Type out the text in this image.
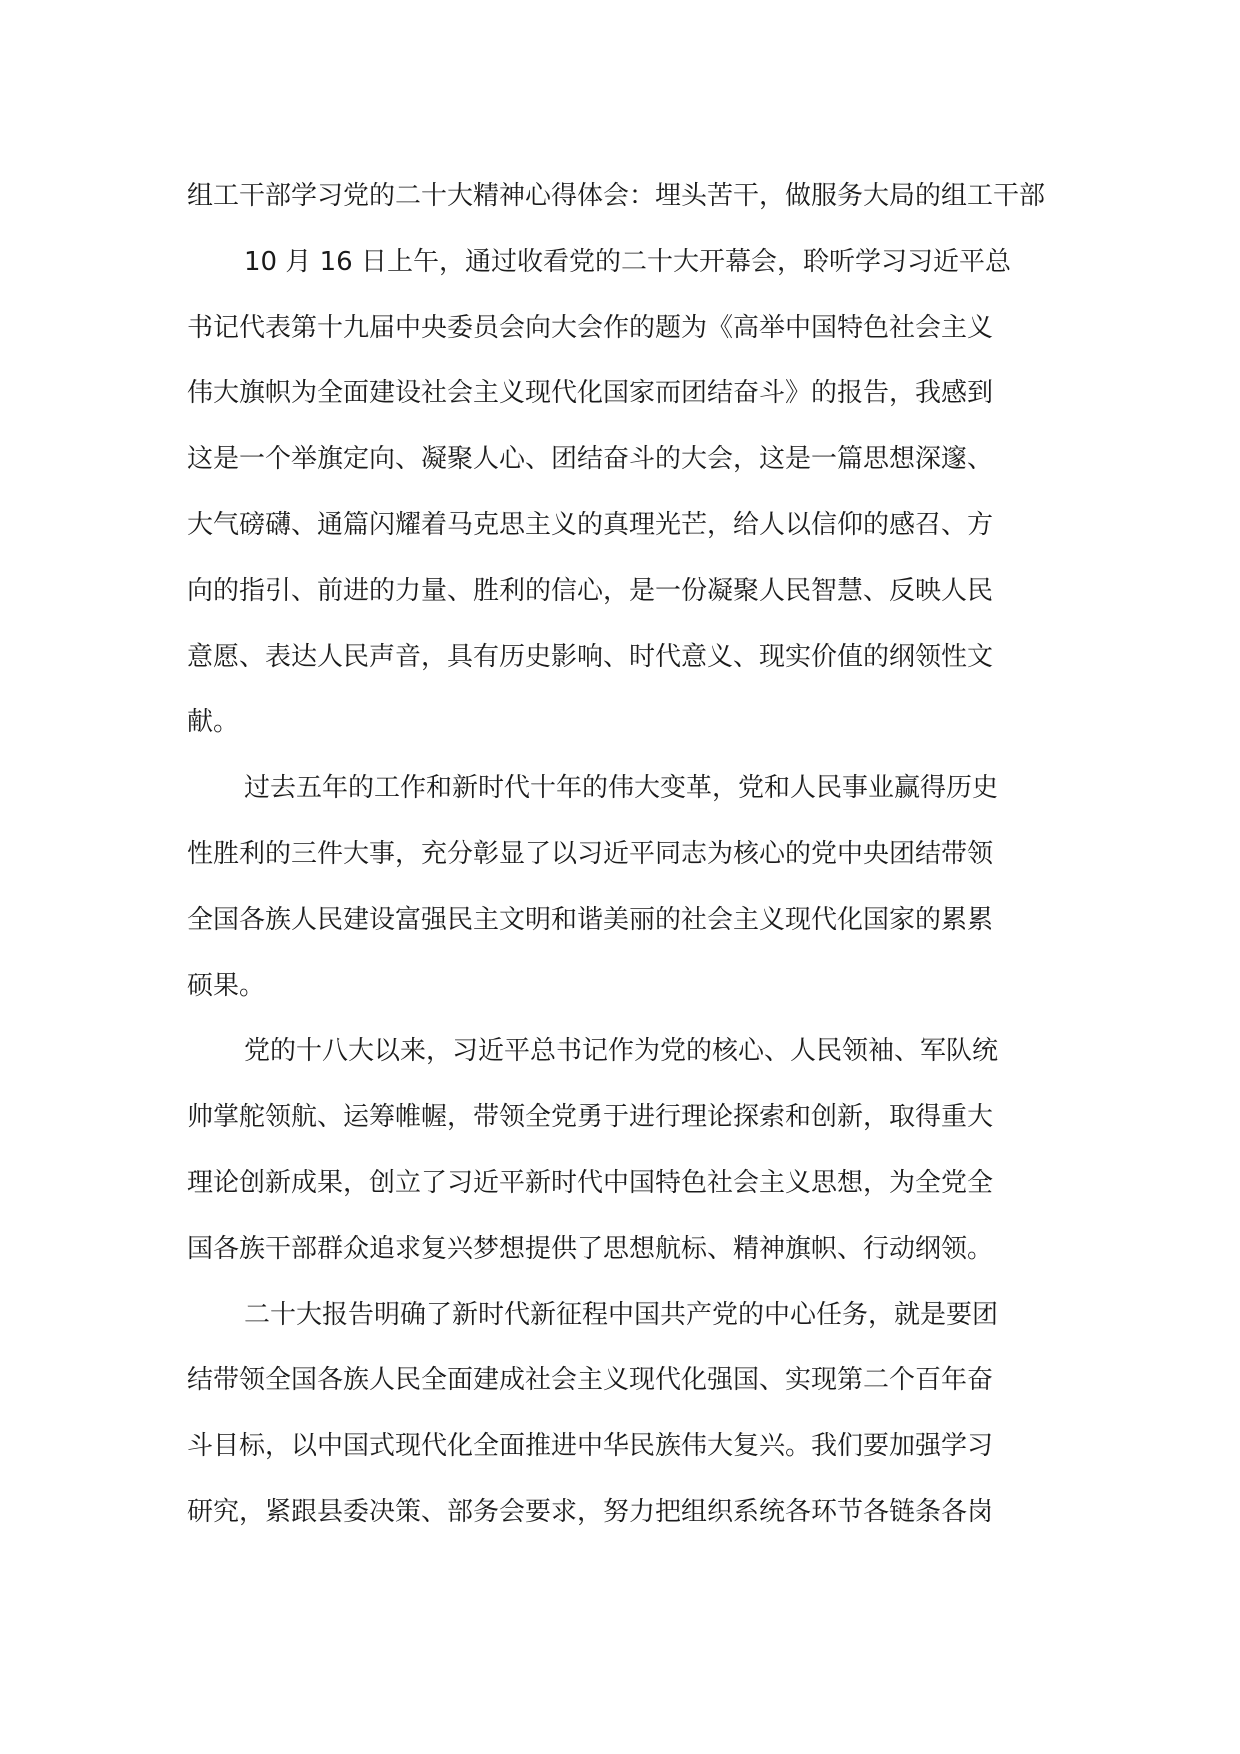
组工干部学习党的二十大精神心得体会：埋头苦干，做服务大局的组工干部
10 月 16 日上午，通过收看党的二十大开幕会，聆听学习习近平总
书记代表第十九届中央委员会向大会作的题为《高举中国特色社会主义
伟大旗帜为全面建设社会主义现代化国家而团结奋斗》的报告，我感到
这是一个举旗定向、凝聚人心、团结奋斗的大会，这是一篇思想深邃、
大气磅礴、通篇闪耀着马克思主义的真理光芒，给人以信仰的感召、方
向的指引、前进的力量、胜利的信心，是一份凝聚人民智慧、反映人民
意愿、表达人民声音，具有历史影响、时代意义、现实价值的纲领性文
献。
过去五年的工作和新时代十年的伟大变革，党和人民事业赢得历史
性胜利的三件大事，充分彰显了以习近平同志为核心的党中央团结带领
全国各族人民建设富强民主文明和谐美丽的社会主义现代化国家的累累
硕果。
党的十八大以来，习近平总书记作为党的核心、人民领袖、军队统
帅掌舵领航、运筹帷幄，带领全党勇于进行理论探索和创新，取得重大
理论创新成果，创立了习近平新时代中国特色社会主义思想，为全党全
国各族干部群众追求复兴梦想提供了思想航标、精神旗帜、行动纲领。
二十大报告明确了新时代新征程中国共产党的中心任务，就是要团
结带领全国各族人民全面建成社会主义现代化强国、实现第二个百年奋
斗目标，以中国式现代化全面推进中华民族伟大复兴。我们要加强学习
研究，紧跟县委决策、部务会要求，努力把组织系统各环节各链条各岗
